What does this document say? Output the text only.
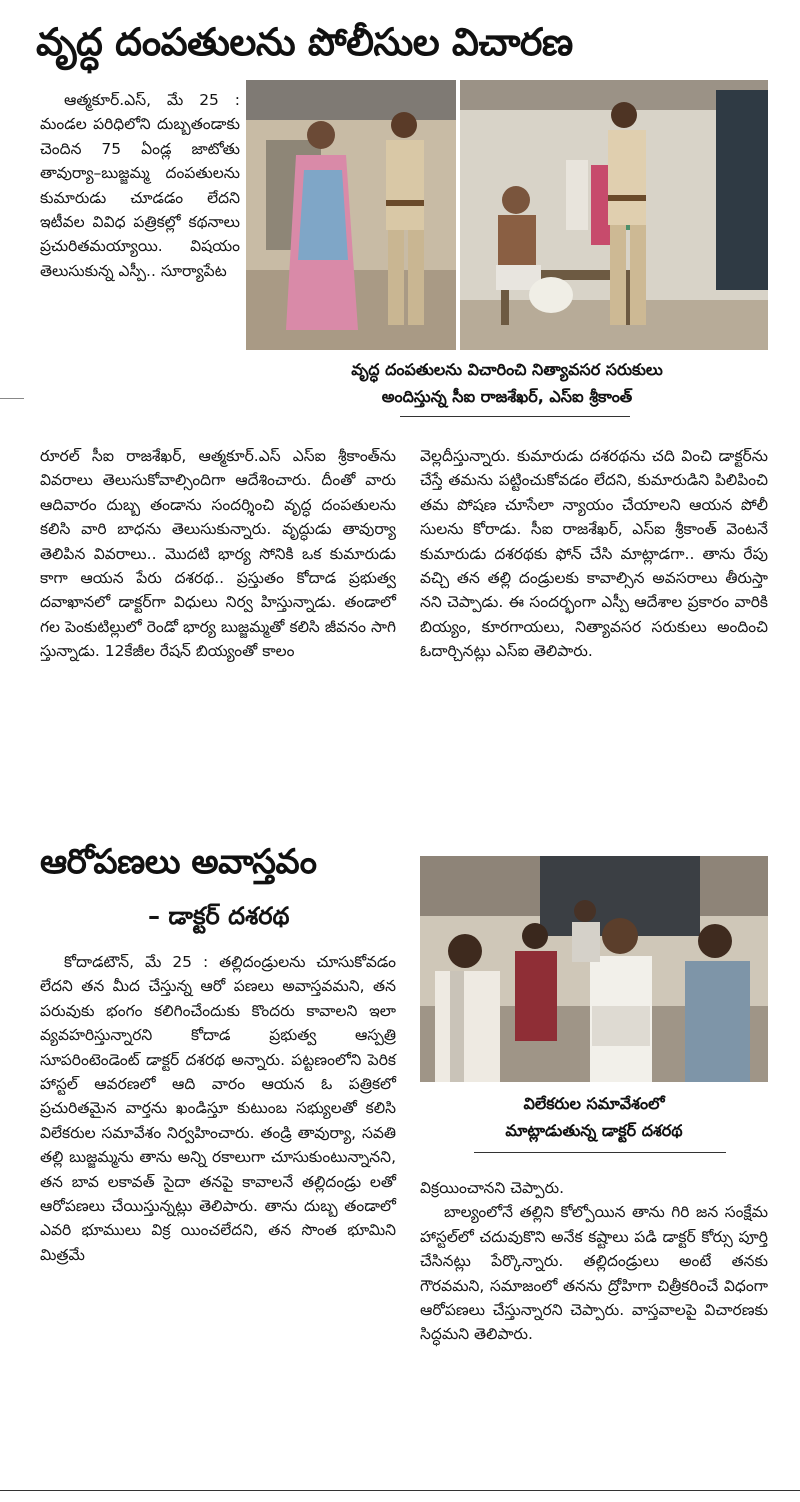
వృద్ధ దంపతులను పోలీసుల విచారణ

ఆత్మకూర్‌.ఎస్‌, మే 25 : మండల పరిధిలోని దుబ్బతండాకు చెందిన 75 ఏండ్ల జాటోతు తావుర్యా–బుజ్జమ్మ దంపతులను కుమారుడు చూడడం లేదని ఇటీవల వివిధ పత్రికల్లో కథనాలు ప్రచురితమయ్యాయి. విషయం తెలుసుకున్న ఎస్పీ.. సూర్యాపేట

వృద్ధ దంపతులను విచారించి నిత్యావసర సరుకులు
అందిస్తున్న సీఐ రాజశేఖర్‌, ఎస్‌ఐ శ్రీకాంత్‌

రూరల్‌ సీఐ రాజశేఖర్‌, ఆత్మకూర్‌.ఎస్‌ ఎస్‌ఐ శ్రీకాంత్‌ను వివరాలు తెలుసుకోవాల్సిందిగా ఆదేశించారు. దీంతో వారు ఆదివారం దుబ్బ తండాను సందర్శించి వృద్ధ దంపతులను కలిసి వారి బాధను తెలుసుకున్నారు. వృద్ధుడు తావుర్యా తెలిపిన వివరాలు.. మొదటి భార్య సోనికి ఒక కుమారుడు కాగా ఆయన పేరు దశరథ.. ప్రస్తుతం కోదాడ ప్రభుత్వ దవాఖానలో డాక్టర్‌గా విధులు నిర్వ హిస్తున్నాడు. తండాలో గల పెంకుటిల్లులో రెండో భార్య బుజ్జమ్మతో కలిసి జీవనం సాగి స్తున్నాడు. 12కేజీల రేషన్‌ బియ్యంతో కాలం

వెల్లదీస్తున్నారు. కుమారుడు దశరథను చది వించి డాక్టర్‌ను చేస్తే తమను పట్టించుకోవడం లేదని, కుమారుడిని పిలిపించి తమ పోషణ చూసేలా న్యాయం చేయాలని ఆయన పోలీ సులను కోరాడు. సీఐ రాజశేఖర్‌, ఎస్‌ఐ శ్రీకాంత్‌ వెంటనే కుమారుడు దశరథకు ఫోన్‌ చేసి మాట్లాడగా.. తాను రేపు వచ్చి తన తల్లి దండ్రులకు కావాల్సిన అవసరాలు తీరుస్తా నని చెప్పాడు. ఈ సందర్భంగా ఎస్పీ ఆదేశాల ప్రకారం వారికి బియ్యం, కూరగాయలు, నిత్యావసర సరుకులు అందించి ఓదార్చినట్లు ఎస్‌ఐ తెలిపారు.

ఆరోపణలు అవాస్తవం
– డాక్టర్‌ దశరథ

కోదాడటౌన్‌, మే 25 : తల్లిదండ్రులను చూసుకోవడం లేదని తన మీద చేస్తున్న ఆరో పణలు అవాస్తవమని, తన పరువుకు భంగం కలిగించేందుకు కొందరు కావాలని ఇలా వ్యవహరిస్తున్నారని కోదాడ ప్రభుత్వ ఆస్పత్రి సూపరింటెండెంట్‌ డాక్టర్‌ దశరథ అన్నారు. పట్టణంలోని పెరిక హాస్టల్‌ ఆవరణలో ఆది వారం ఆయన ఓ పత్రికలో ప్రచురితమైన వార్తను ఖండిస్తూ కుటుంబ సభ్యులతో కలిసి విలేకరుల సమావేశం నిర్వహించారు. తండ్రి తావుర్యా, సవతి తల్లి బుజ్జమ్మను తాను అన్ని రకాలుగా చూసుకుంటున్నానని, తన బావ లకావత్‌ సైదా తనపై కావాలనే తల్లిదండ్రు లతో ఆరోపణలు చేయిస్తున్నట్లు తెలిపారు. తాను దుబ్బ తండాలో ఎవరి భూములు విక్ర యించలేదని, తన సొంత భూమిని మిత్రమే

విలేకరుల సమావేశంలో
మాట్లాడుతున్న డాక్టర్‌ దశరథ

విక్రయించానని చెప్పారు.

బాల్యంలోనే తల్లిని కోల్పోయిన తాను గిరి జన సంక్షేమ హాస్టల్‌లో చదువుకొని అనేక కష్టాలు పడి డాక్టర్‌ కోర్సు పూర్తి చేసినట్లు పేర్కొన్నారు. తల్లిదండ్రులు అంటే తనకు గౌరవమని, సమాజంలో తనను ద్రోహిగా చిత్రీకరించే విధంగా ఆరోపణలు చేస్తున్నారని చెప్పారు. వాస్తవాలపై విచారణకు సిద్ధమని తెలిపారు.
